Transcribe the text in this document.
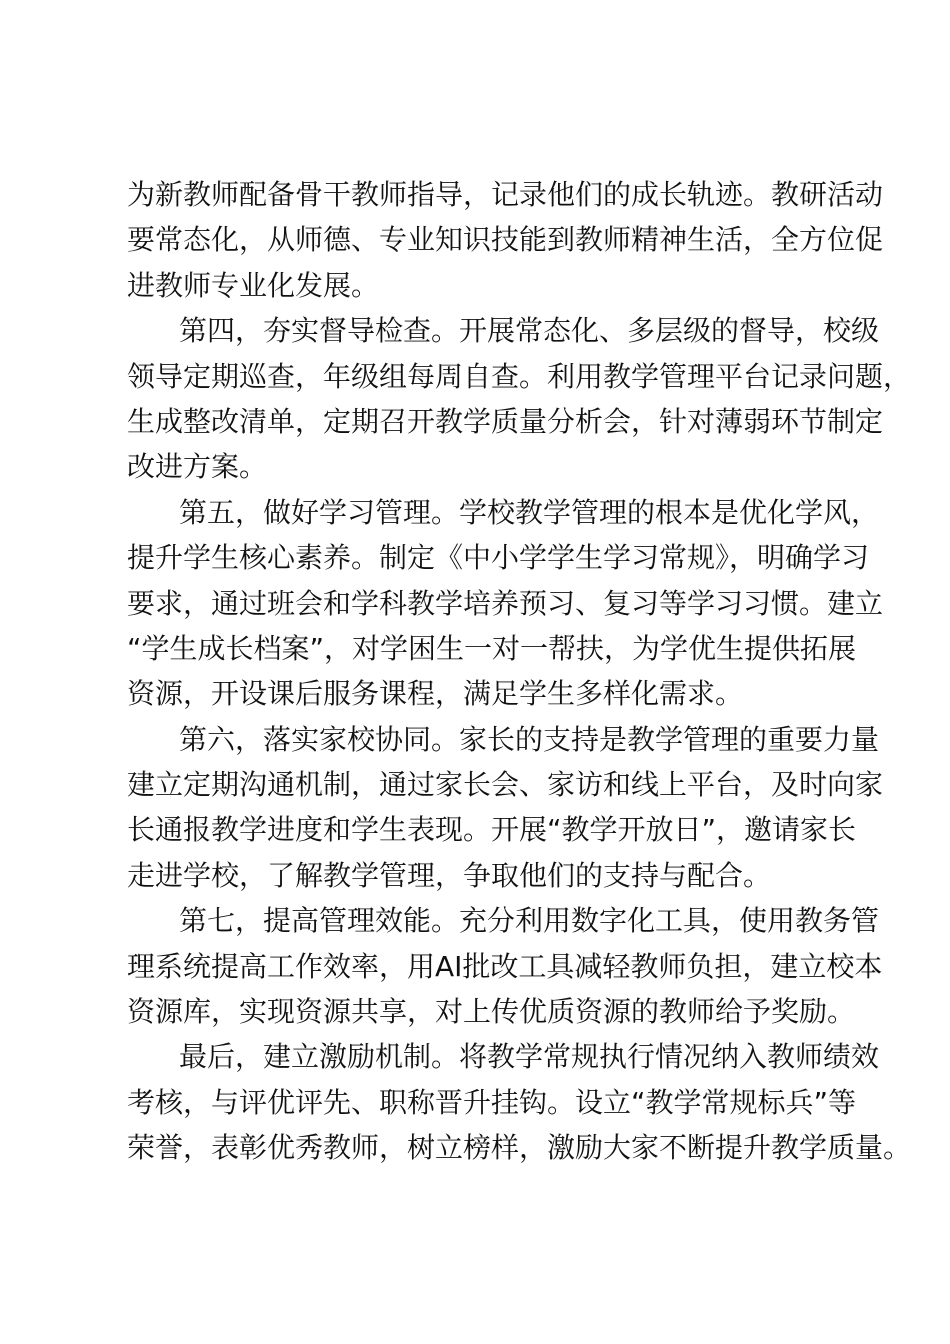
为新教师配备骨干教师指导，记录他们的成长轨迹。教研活动
要常态化，从师德、专业知识技能到教师精神生活，全方位促
进教师专业化发展。
第四，夯实督导检查。开展常态化、多层级的督导，校级
领导定期巡查，年级组每周自查。利用教学管理平台记录问题，
生成整改清单，定期召开教学质量分析会，针对薄弱环节制定
改进方案。
第五，做好学习管理。学校教学管理的根本是优化学风，
提升学生核心素养。制定《中小学学生学习常规》，明确学习
要求，通过班会和学科教学培养预习、复习等学习习惯。建立
“学生成长档案”，对学困生一对一帮扶，为学优生提供拓展
资源，开设课后服务课程，满足学生多样化需求。
第六，落实家校协同。家长的支持是教学管理的重要力量
建立定期沟通机制，通过家长会、家访和线上平台，及时向家
长通报教学进度和学生表现。开展“教学开放日”，邀请家长
走进学校，了解教学管理，争取他们的支持与配合。
第七，提高管理效能。充分利用数字化工具，使用教务管
理系统提高工作效率，用AI批改工具减轻教师负担，建立校本
资源库，实现资源共享，对上传优质资源的教师给予奖励。
最后，建立激励机制。将教学常规执行情况纳入教师绩效
考核，与评优评先、职称晋升挂钩。设立“教学常规标兵”等
荣誉，表彰优秀教师，树立榜样，激励大家不断提升教学质量。
